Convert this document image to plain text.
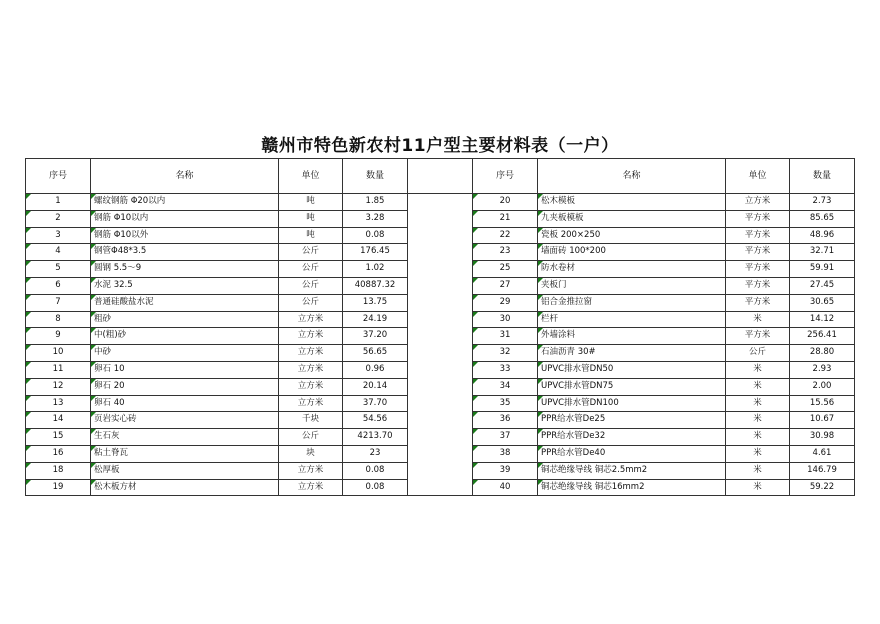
赣州市特色新农村11户型主要材料表（一户）
序号	名称	单位	数量		序号	名称	单位	数量

1	螺纹钢筋 Φ20以内	吨	1.85		20	松木模板	立方米	2.73

2	钢筋 Φ10以内	吨	3.28		21	九夹板模板	平方米	85.65

3	钢筋 Φ10以外	吨	0.08		22	瓷板 200×250	平方米	48.96

4	钢管Φ48*3.5	公斤	176.45		23	墙面砖 100*200	平方米	32.71

5	圆钢 5.5～9	公斤	1.02		25	防水卷材	平方米	59.91

6	水泥 32.5	公斤	40887.32		27	夹板门	平方米	27.45

7	普通硅酸盐水泥	公斤	13.75		29	铝合金推拉窗	平方米	30.65

8	粗砂	立方米	24.19		30	栏杆	米	14.12

9	中(粗)砂	立方米	37.20		31	外墙涂料	平方米	256.41

10	中砂	立方米	56.65		32	石油沥青 30#	公斤	28.80

11	卵石 10	立方米	0.96		33	UPVC排水管DN50	米	2.93

12	卵石 20	立方米	20.14		34	UPVC排水管DN75	米	2.00

13	卵石 40	立方米	37.70		35	UPVC排水管DN100	米	15.56

14	页岩实心砖	千块	54.56		36	PPR给水管De25	米	10.67

15	生石灰	公斤	4213.70		37	PPR给水管De32	米	30.98

16	粘土脊瓦	块	23		38	PPR给水管De40	米	4.61

18	松厚板	立方米	0.08		39	铜芯绝缘导线 铜芯2.5mm2	米	146.79

19	松木板方材	立方米	0.08		40	铜芯绝缘导线 铜芯16mm2	米	59.22
